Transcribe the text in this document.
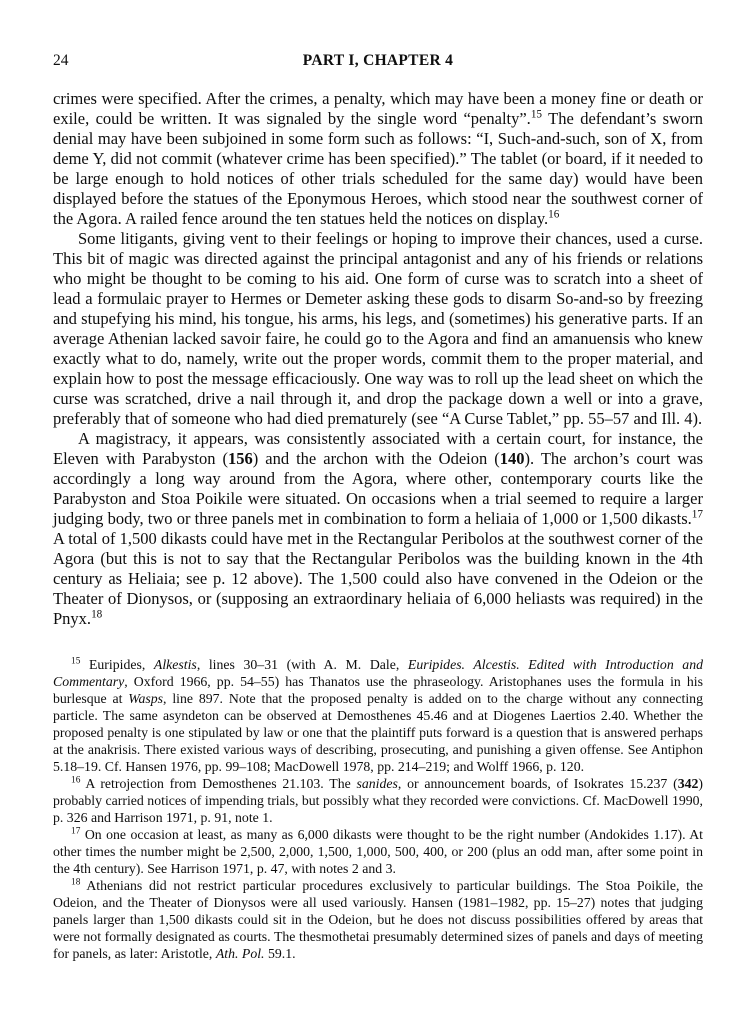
24	PART I, CHAPTER 4

crimes were specified. After the crimes, a penalty, which may have been a money fine or death or exile, could be written. It was signaled by the single word “penalty”.$^{15}$ The defendant’s sworn denial may have been subjoined in some form such as follows: “I, Such-and-such, son of X, from deme Y, did not commit (whatever crime has been specified).” The tablet (or board, if it needed to be large enough to hold notices of other trials scheduled for the same day) would have been displayed before the statues of the Eponymous Heroes, which stood near the southwest corner of the Agora. A railed fence around the ten statues held the notices on display.$^{16}$

Some litigants, giving vent to their feelings or hoping to improve their chances, used a curse. This bit of magic was directed against the principal antagonist and any of his friends or relations who might be thought to be coming to his aid. One form of curse was to scratch into a sheet of lead a formulaic prayer to Hermes or Demeter asking these gods to disarm So-and-so by freezing and stupefying his mind, his tongue, his arms, his legs, and (sometimes) his generative parts. If an average Athenian lacked savoir faire, he could go to the Agora and find an amanuensis who knew exactly what to do, namely, write out the proper words, commit them to the proper material, and explain how to post the message efficaciously. One way was to roll up the lead sheet on which the curse was scratched, drive a nail through it, and drop the package down a well or into a grave, preferably that of someone who had died prematurely (see “A Curse Tablet,” pp. 55–57 and Ill. 4).

A magistracy, it appears, was consistently associated with a certain court, for instance, the Eleven with Parabyston (156) and the archon with the Odeion (140). The archon’s court was accordingly a long way around from the Agora, where other, contemporary courts like the Parabyston and Stoa Poikile were situated. On occasions when a trial seemed to require a larger judging body, two or three panels met in combination to form a heliaia of 1,000 or 1,500 dikasts.$^{17}$ A total of 1,500 dikasts could have met in the Rectangular Peribolos at the southwest corner of the Agora (but this is not to say that the Rectangular Peribolos was the building known in the 4th century as Heliaia; see p. 12 above). The 1,500 could also have convened in the Odeion or the Theater of Dionysos, or (supposing an extraordinary heliaia of 6,000 heliasts was required) in the Pnyx.$^{18}$

$^{15}$ Euripides, Alkestis, lines 30–31 (with A. M. Dale, Euripides. Alcestis. Edited with Introduction and Commentary, Oxford 1966, pp. 54–55) has Thanatos use the phraseology. Aristophanes uses the formula in his burlesque at Wasps, line 897. Note that the proposed penalty is added on to the charge without any connecting particle. The same asyndeton can be observed at Demosthenes 45.46 and at Diogenes Laertios 2.40. Whether the proposed penalty is one stipulated by law or one that the plaintiff puts forward is a question that is answered perhaps at the anakrisis. There existed various ways of describing, prosecuting, and punishing a given offense. See Antiphon 5.18–19. Cf. Hansen 1976, pp. 99–108; MacDowell 1978, pp. 214–219; and Wolff 1966, p. 120.

$^{16}$ A retrojection from Demosthenes 21.103. The sanides, or announcement boards, of Isokrates 15.237 (342) probably carried notices of impending trials, but possibly what they recorded were convictions. Cf. MacDowell 1990, p. 326 and Harrison 1971, p. 91, note 1.

$^{17}$ On one occasion at least, as many as 6,000 dikasts were thought to be the right number (Andokides 1.17). At other times the number might be 2,500, 2,000, 1,500, 1,000, 500, 400, or 200 (plus an odd man, after some point in the 4th century). See Harrison 1971, p. 47, with notes 2 and 3.

$^{18}$ Athenians did not restrict particular procedures exclusively to particular buildings. The Stoa Poikile, the Odeion, and the Theater of Dionysos were all used variously. Hansen (1981–1982, pp. 15–27) notes that judging panels larger than 1,500 dikasts could sit in the Odeion, but he does not discuss possibilities offered by areas that were not formally designated as courts. The thesmothetai presumably determined sizes of panels and days of meeting for panels, as later: Aristotle, Ath. Pol. 59.1.
